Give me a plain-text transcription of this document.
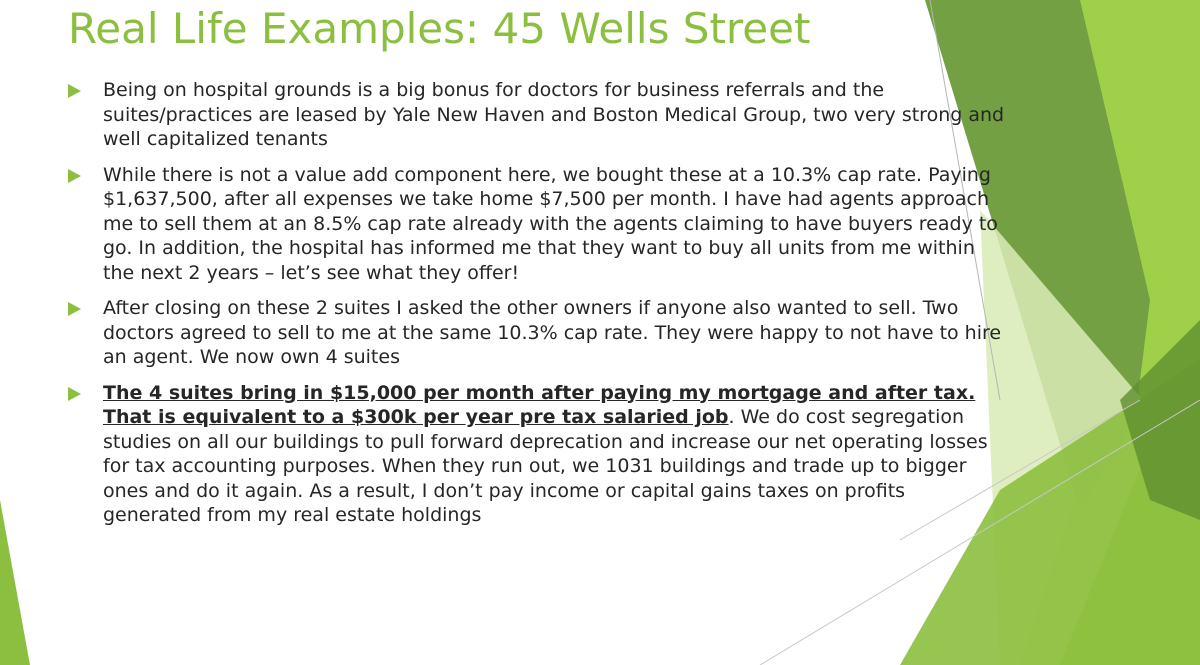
Real Life Examples: 45 Wells Street
Being on hospital grounds is a big bonus for doctors for business referrals and the suites/practices are leased by Yale New Haven and Boston Medical Group, two very strong and well capitalized tenants
While there is not a value add component here, we bought these at a 10.3% cap rate. Paying $1,637,500, after all expenses we take home $7,500 per month. I have had agents approach me to sell them at an 8.5% cap rate already with the agents claiming to have buyers ready to go. In addition, the hospital has informed me that they want to buy all units from me within the next 2 years – let’s see what they offer!
After closing on these 2 suites I asked the other owners if anyone also wanted to sell. Two doctors agreed to sell to me at the same 10.3% cap rate. They were happy to not have to hire an agent. We now own 4 suites
The 4 suites bring in $15,000 per month after paying my mortgage and after tax. That is equivalent to a $300k per year pre tax salaried job. We do cost segregation studies on all our buildings to pull forward deprecation and increase our net operating losses for tax accounting purposes. When they run out, we 1031 buildings and trade up to bigger ones and do it again. As a result, I don’t pay income or capital gains taxes on profits generated from my real estate holdings
